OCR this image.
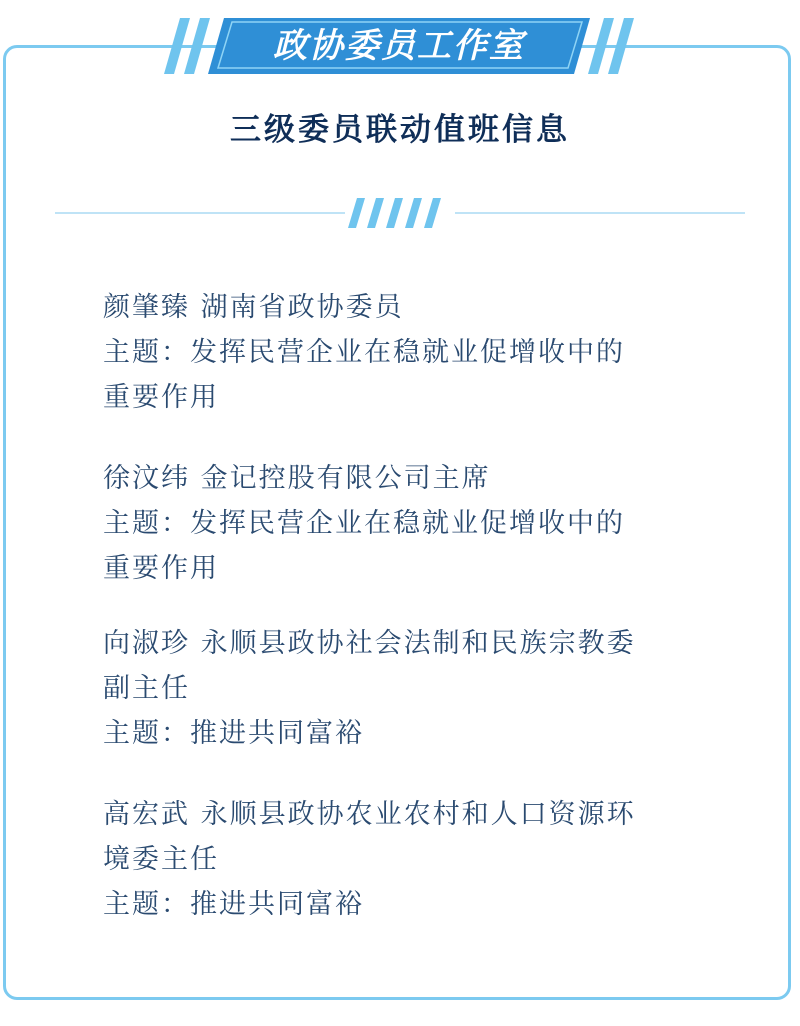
政协委员工作室
三级委员联动值班信息
颜肇臻 湖南省政协委员
主题：发挥民营企业在稳就业促增收中的
重要作用
徐汶纬 金记控股有限公司主席
主题：发挥民营企业在稳就业促增收中的
重要作用
向淑珍 永顺县政协社会法制和民族宗教委
副主任
主题：推进共同富裕
高宏武 永顺县政协农业农村和人口资源环
境委主任
主题：推进共同富裕
